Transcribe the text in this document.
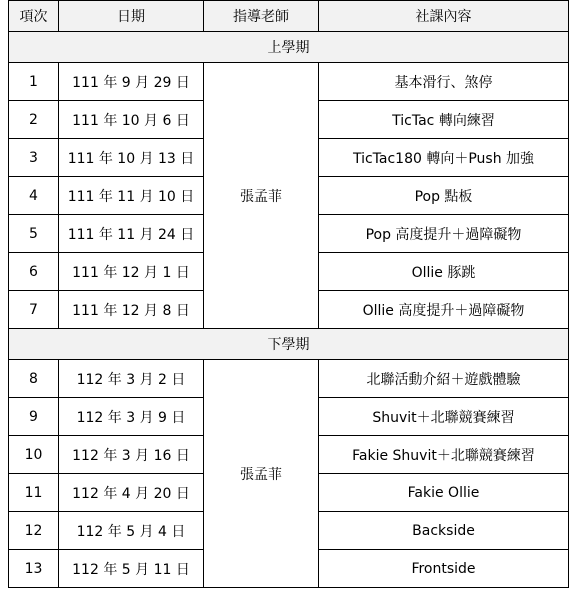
項次	日期	指導老師	社課內容
上學期			
1	111 年 9 月 29 日	張孟菲	基本滑行、煞停
2	111 年 10 月 6 日		TicTac 轉向練習
3	111 年 10 月 13 日		TicTac180 轉向＋Push 加強
4	111 年 11 月 10 日		Pop 點板
5	111 年 11 月 24 日		Pop 高度提升＋過障礙物
6	111 年 12 月 1 日		Ollie 豚跳
7	111 年 12 月 8 日		Ollie 高度提升＋過障礙物
下學期			
8	112 年 3 月 2 日	張孟菲	北聯活動介紹＋遊戲體驗
9	112 年 3 月 9 日		Shuvit＋北聯競賽練習
10	112 年 3 月 16 日		Fakie Shuvit＋北聯競賽練習
11	112 年 4 月 20 日		Fakie Ollie
12	112 年 5 月 4 日		Backside
13	112 年 5 月 11 日		Frontside
